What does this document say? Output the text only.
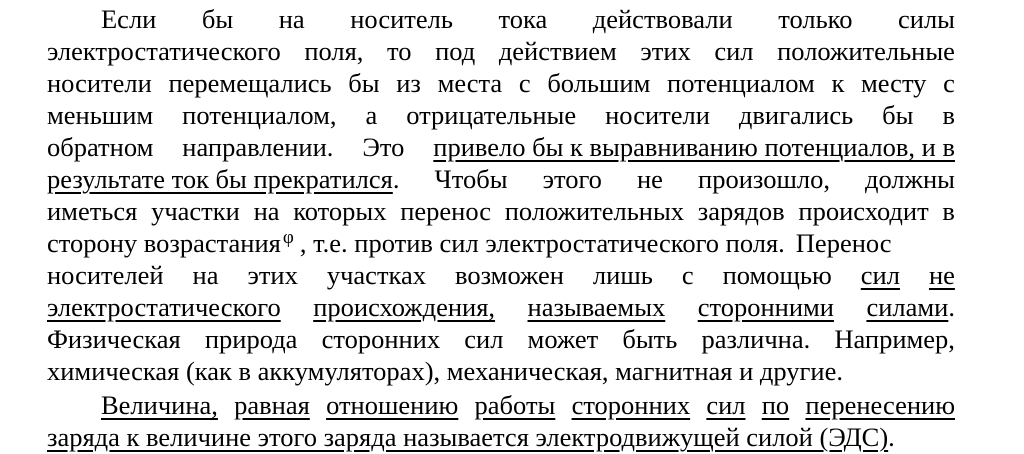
Если бы на носитель тока действовали только силы
электростатического поля, то под действием этих сил положительные
носители перемещались бы из места с большим потенциалом к месту с
меньшим потенциалом, а отрицательные носители двигались бы в
обратном направлении. Это привело бы к выравниванию потенциалов, и в
результате ток бы прекратился. Чтобы этого не произошло, должны
иметься участки на которых перенос положительных зарядов происходит в
сторону возрастания φ , т.е. против сил электростатического поля. Перенос
носителей на этих участках возможен лишь с помощью сил не
электростатического происхождения, называемых сторонними силами.
Физическая природа сторонних сил может быть различна. Например,
химическая (как в аккумуляторах), механическая, магнитная и другие.
Величина, равная отношению работы сторонних сил по перенесению
заряда к величине этого заряда называется электродвижущей силой (ЭДС) .
